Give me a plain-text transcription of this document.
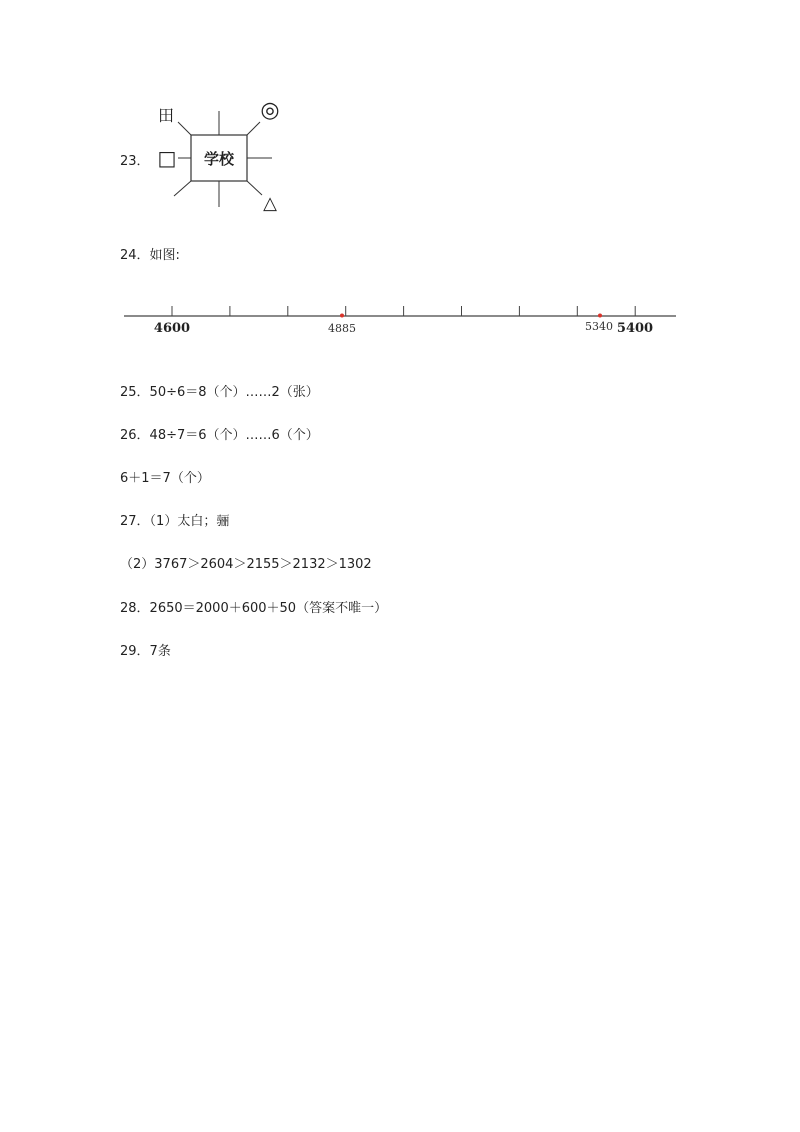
23．	学校
田	◎
□
△
24．如图:
4600	4885	5340 5400
25．50÷6＝8（个）……2（张）
26．48÷7＝6（个）……6（个）
6＋1＝7（个）
27．（1）太白；骊
（2）3767＞2604＞2155＞2132＞1302
28．2650＝2000＋600＋50（答案不唯一）
29．7条
